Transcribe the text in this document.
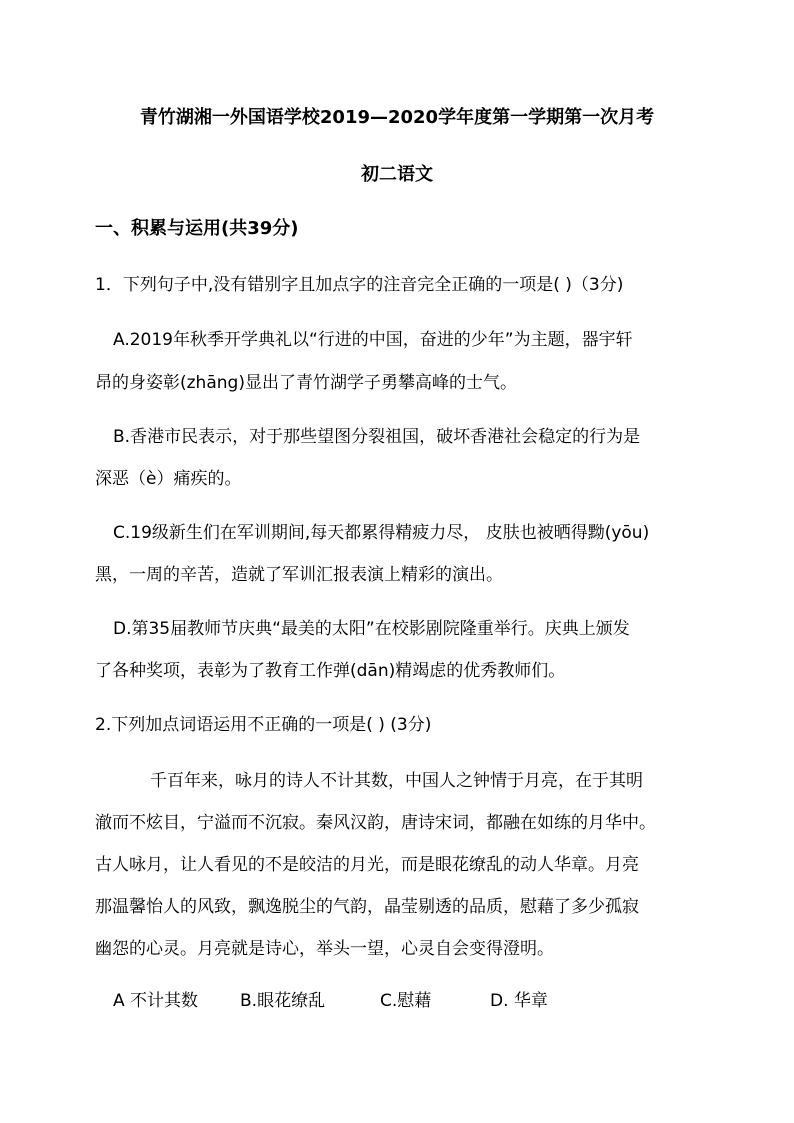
青竹湖湘一外国语学校2019—2020学年度第一学期第一次月考
初二语文
一、积累与运用(共39分)
1．下列句子中,没有错别字且加点字的注音完全正确的一项是( )（3分)
A.2019年秋季开学典礼以“行进的中国，奋进的少年”为主题，器宇轩
昂的身姿彰(zhāng)显出了青竹湖学子勇攀高峰的士气。
B.香港市民表示，对于那些望图分裂祖国，破坏香港社会稳定的行为是
深恶（è）痛疾的。
C.19级新生们在军训期间,每天都累得精疲力尽， 皮肤也被晒得黝(yōu)
黑，一周的辛苦，造就了军训汇报表演上精彩的演出。
D.第35届教师节庆典“最美的太阳”在校影剧院隆重举行。庆典上颁发
了各种奖项，表彰为了教育工作弹(dān)精竭虑的优秀教师们。
2.下列加点词语运用不正确的一项是( ) (3分)
千百年来，咏月的诗人不计其数，中国人之钟情于月亮，在于其明
澈而不炫目，宁溢而不沉寂。秦风汉韵，唐诗宋词，都融在如练的月华中。
古人咏月，让人看见的不是皎洁的月光，而是眼花缭乱的动人华章。月亮
那温馨怡人的风致，飘逸脱尘的气韵，晶莹剔透的品质，慰藉了多少孤寂
幽怨的心灵。月亮就是诗心，举头一望，心灵自会变得澄明。
A 不计其数 B.眼花缭乱	C.慰藉	D. 华章
